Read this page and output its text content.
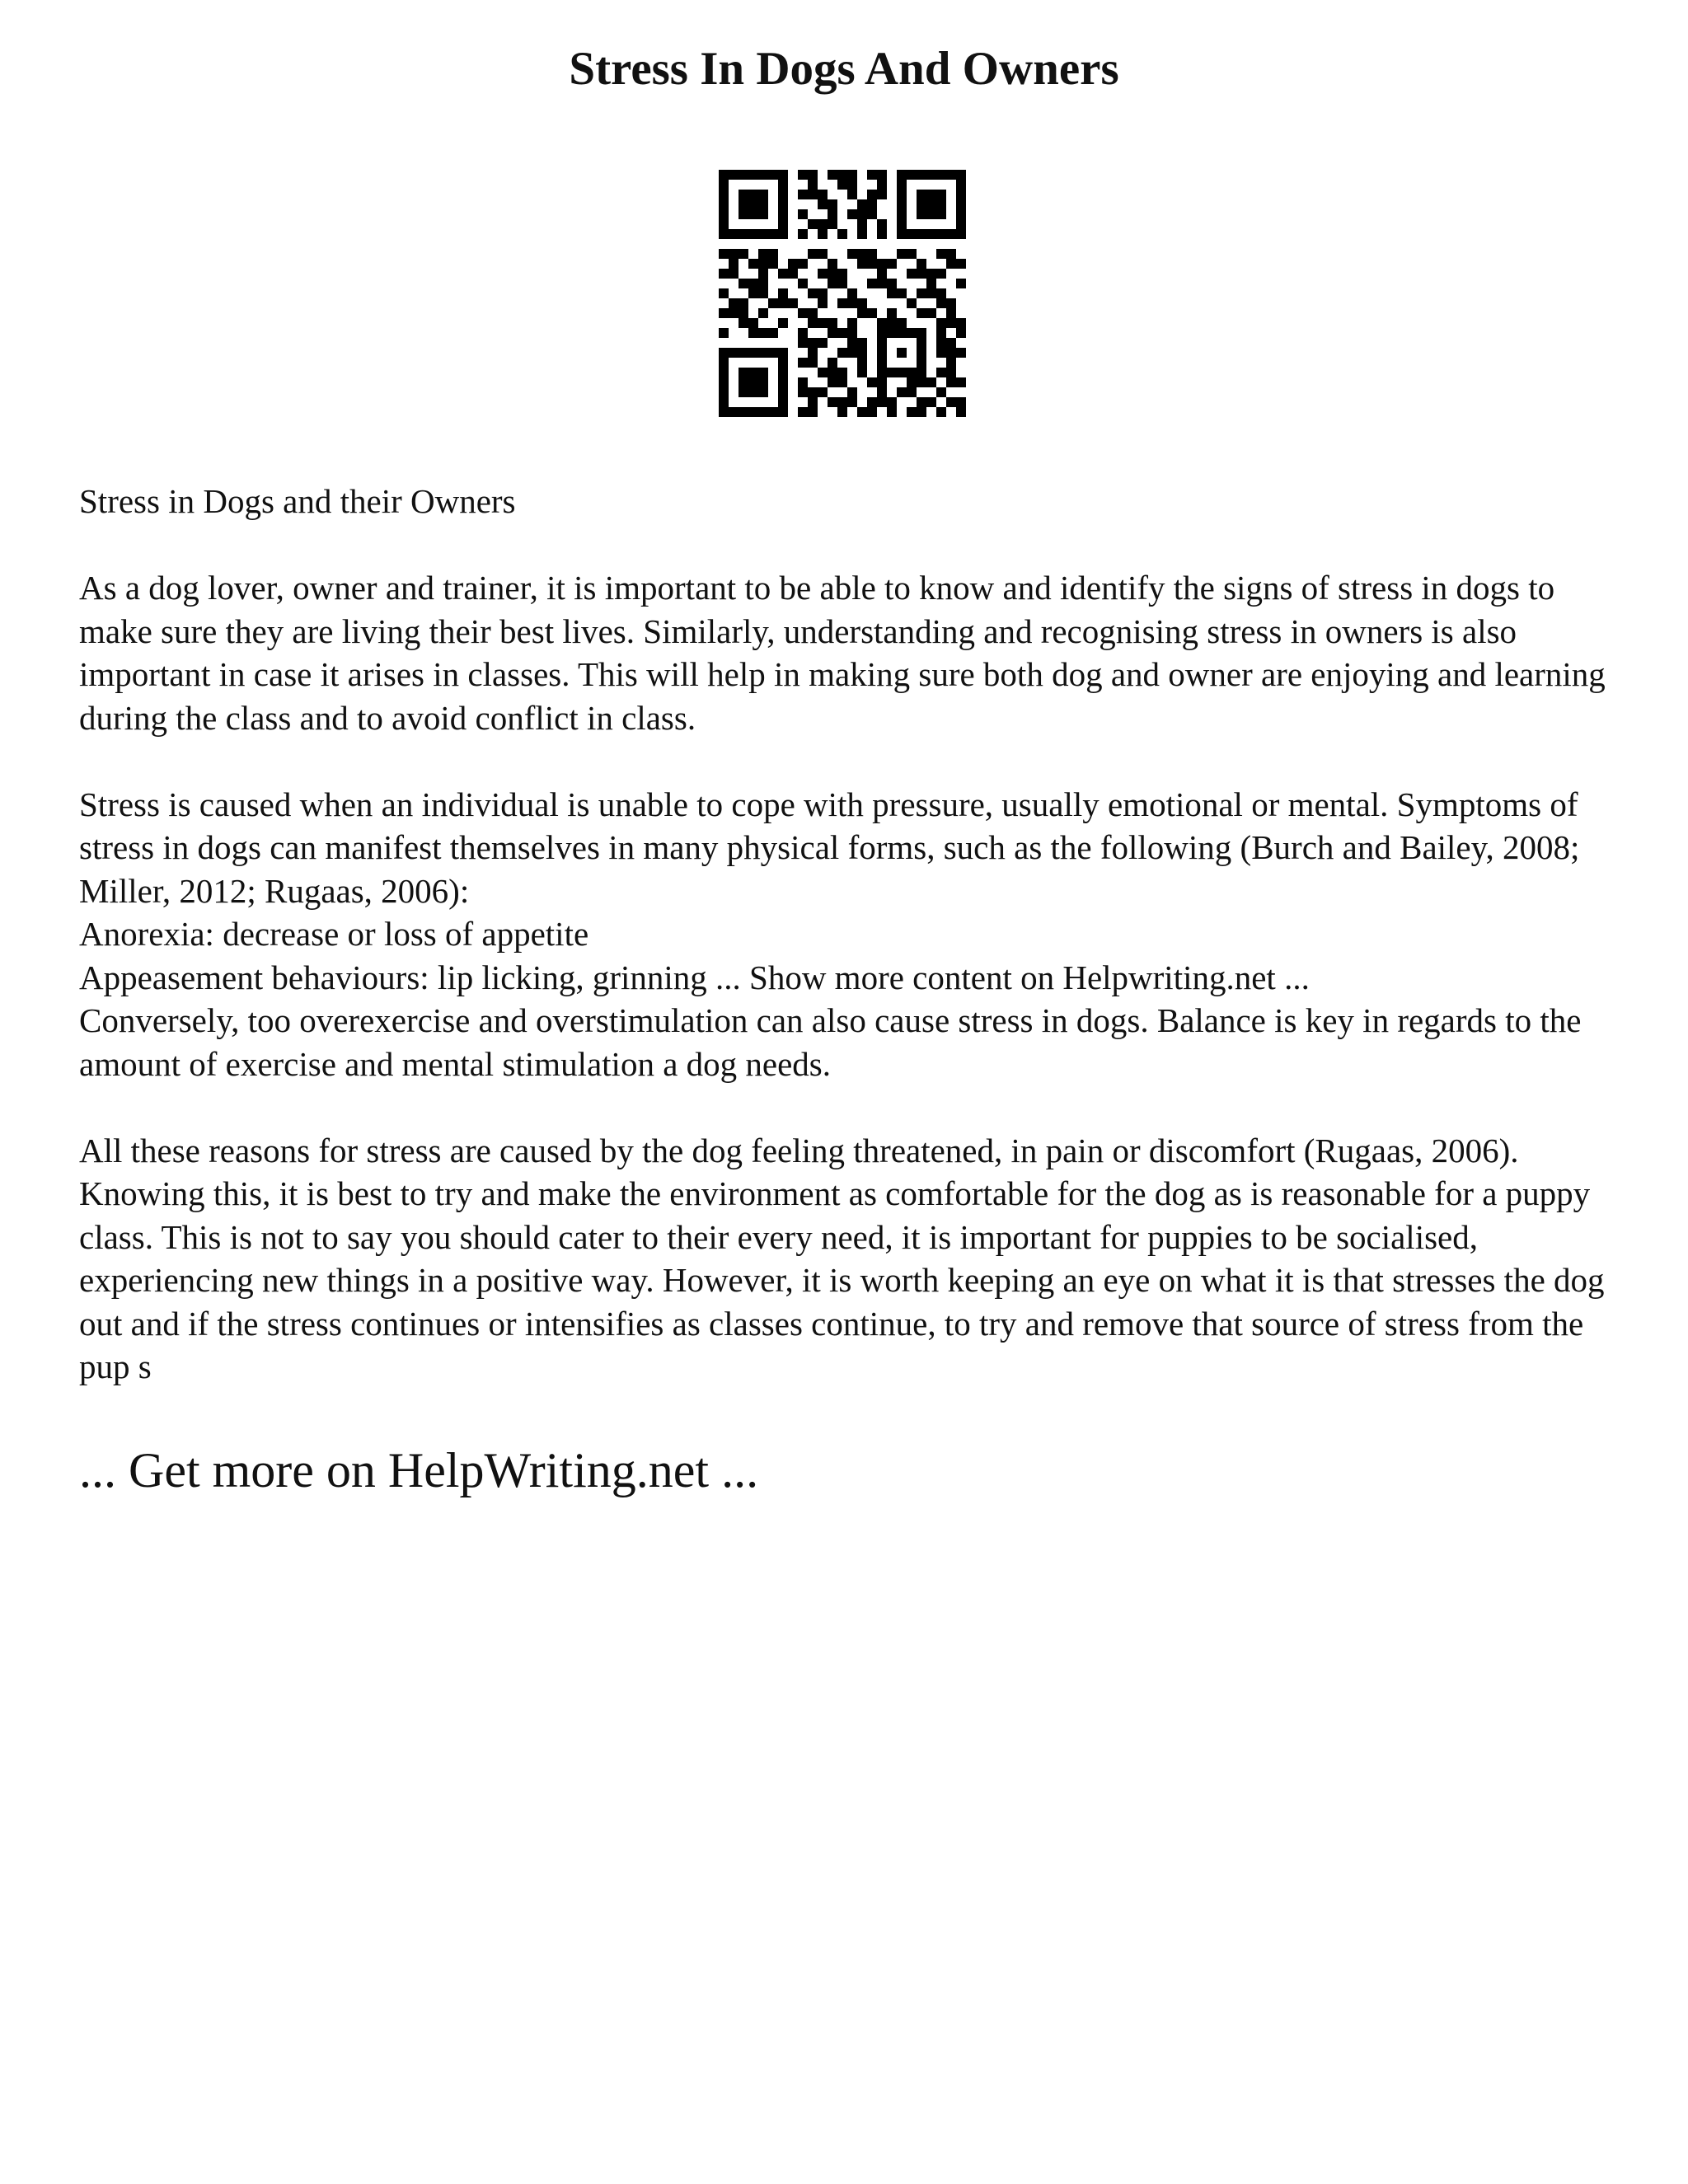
Stress In Dogs And Owners

Stress in Dogs and their Owners

As a dog lover, owner and trainer, it is important to be able to know and identify the signs of stress in dogs to make sure they are living their best lives. Similarly, understanding and recognising stress in owners is also important in case it arises in classes. This will help in making sure both dog and owner are enjoying and learning during the class and to avoid conflict in class.

Stress is caused when an individual is unable to cope with pressure, usually emotional or mental. Symptoms of stress in dogs can manifest themselves in many physical forms, such as the following (Burch and Bailey, 2008; Miller, 2012; Rugaas, 2006):

Anorexia: decrease or loss of appetite

Appeasement behaviours: lip licking, grinning ... Show more content on Helpwriting.net ...

Conversely, too overexercise and overstimulation can also cause stress in dogs. Balance is key in regards to the amount of exercise and mental stimulation a dog needs.

All these reasons for stress are caused by the dog feeling threatened, in pain or discomfort (Rugaas, 2006). Knowing this, it is best to try and make the environment as comfortable for the dog as is reasonable for a puppy class. This is not to say you should cater to their every need, it is important for puppies to be socialised, experiencing new things in a positive way. However, it is worth keeping an eye on what it is that stresses the dog out and if the stress continues or intensifies as classes continue, to try and remove that source of stress from the pup s

... Get more on HelpWriting.net ...
